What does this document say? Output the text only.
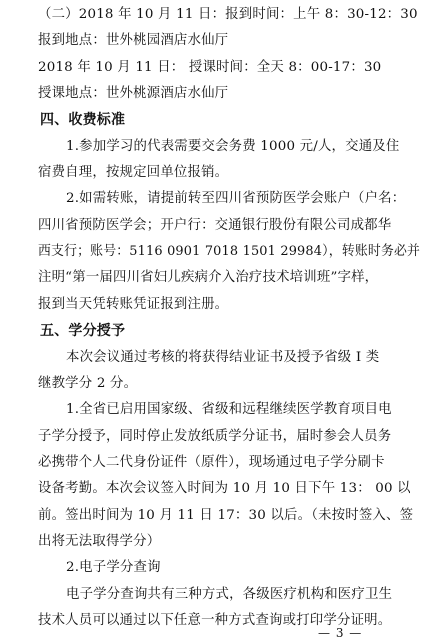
（二）2018 年 10 月 11 日：报到时间：上午 8：30-12：30
报到地点：世外桃园酒店水仙厅
2018 年 10 月 11 日： 授课时间：全天 8：00-17：30
授课地点：世外桃源酒店水仙厅
四、收费标准
1.参加学习的代表需要交会务费 1000 元/人，交通及住
宿费自理，按规定回单位报销。
2.如需转账，请提前转至四川省预防医学会账户（户名：
四川省预防医学会；开户行：交通银行股份有限公司成都华
西支行；账号：5116 0901 7018 1501 29984），转账时务必并
注明“第一届四川省妇儿疾病介入治疗技术培训班”字样，
报到当天凭转账凭证报到注册。
五、学分授予
本次会议通过考核的将获得结业证书及授予省级 I 类
继教学分 2 分。
1.全省已启用国家级、省级和远程继续医学教育项目电
子学分授予，同时停止发放纸质学分证书，届时参会人员务
必携带个人二代身份证件（原件），现场通过电子学分刷卡
设备考勤。本次会议签入时间为 10 月 10 日下午 13： 00 以
前。签出时间为 10 月 11 日 17：30 以后。（未按时签入、签
出将无法取得学分）
2.电子学分查询
电子学分查询共有三种方式，各级医疗机构和医疗卫生
技术人员可以通过以下任意一种方式查询或打印学分证明。
— 3 —
